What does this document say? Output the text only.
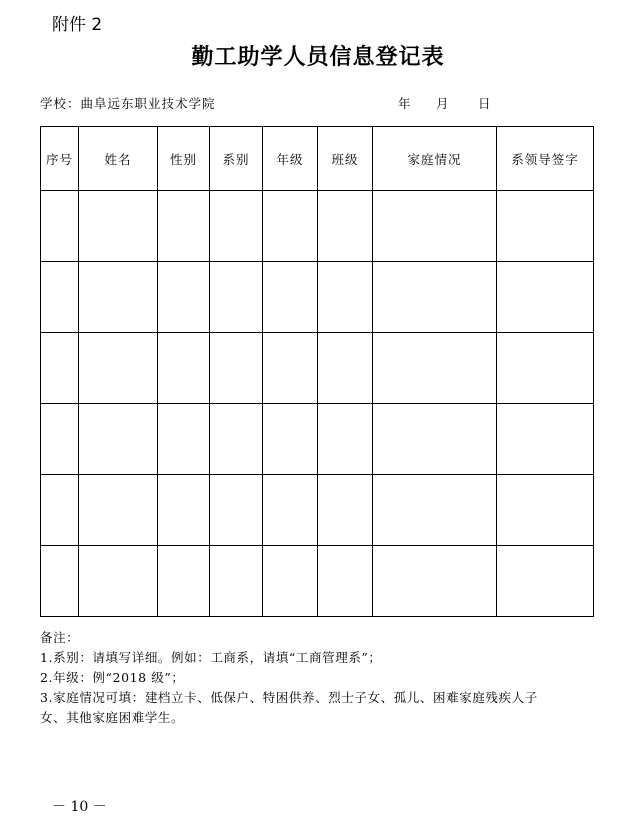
附件 2
勤工助学人员信息登记表
学校：曲阜远东职业技术学院	年 月 日
序号	姓名	性别	系别	年级	班级	家庭情况	系领导签字

备注：

1.系别：请填写详细。例如：工商系，请填“工商管理系”；

2.年级：例“2018 级”；

3.家庭情况可填：建档立卡、低保户、特困供养、烈士子女、孤儿、困难家庭残疾人子

女、其他家庭困难学生。

－ 10 －
